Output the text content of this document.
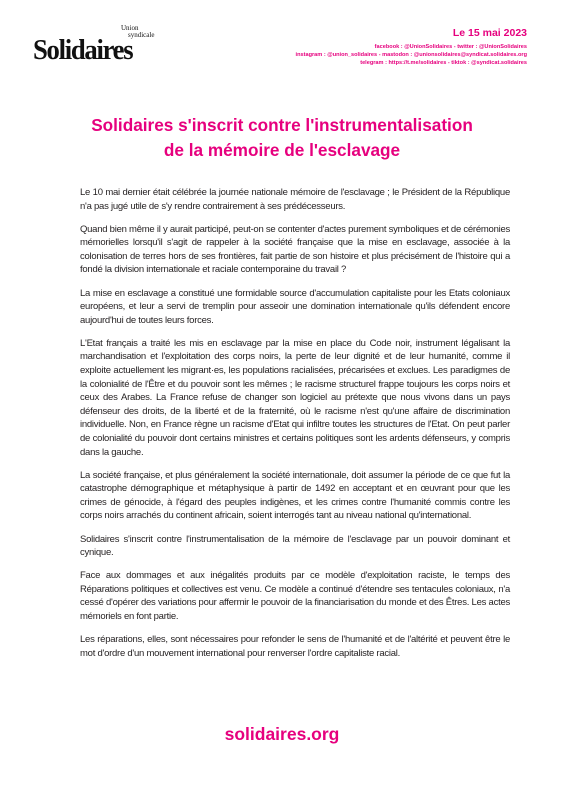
Union
syndicale
Solidaires
Le 15 mai 2023
facebook : @UnionSolidaires - twitter : @UnionSolidaires
instagram : @union_solidaires - mastodon : @unionsolidaires@syndicat.solidaires.org
telegram : https://t.me/solidaires - tiktok : @syndicat.solidaires
Solidaires s'inscrit contre l'instrumentalisation
de la mémoire de l'esclavage

Le 10 mai dernier était célébrée la journée nationale mémoire de l'esclavage ; le Président de la République n'a pas jugé utile de s'y rendre contrairement à ses prédécesseurs.

Quand bien même il y aurait participé, peut-on se contenter d'actes purement symboliques et de cérémonies mémorielles lorsqu'il s'agit de rappeler à la société française que la mise en esclavage, associée à la colonisation de terres hors de ses frontières, fait partie de son histoire et plus précisément de l'histoire qui a fondé la division internationale et raciale contemporaine du travail ?

La mise en esclavage a constitué une formidable source d'accumulation capitaliste pour les Etats coloniaux européens, et leur a servi de tremplin pour asseoir une domination internationale qu'ils défendent encore aujourd'hui de toutes leurs forces.

L'Etat français a traité les mis en esclavage par la mise en place du Code noir, instrument légalisant la marchandisation et l'exploitation des corps noirs, la perte de leur dignité et de leur humanité, comme il exploite actuellement les migrant·es, les populations racialisées, précarisées et exclues. Les paradigmes de la colonialité de l'Être et du pouvoir sont les mêmes ; le racisme structurel frappe toujours les corps noirs et ceux des Arabes. La France refuse de changer son logiciel au prétexte que nous vivons dans un pays défenseur des droits, de la liberté et de la fraternité, où le racisme n'est qu'une affaire de discrimination individuelle. Non, en France règne un racisme d'Etat qui infiltre toutes les structures de l'Etat. On peut parler de colonialité du pouvoir dont certains ministres et certains politiques sont les ardents défenseurs, y compris dans la gauche.

La société française, et plus généralement la société internationale, doit assumer la période de ce que fut la catastrophe démographique et métaphysique à partir de 1492 en acceptant et en œuvrant pour que les crimes de génocide, à l'égard des peuples indigènes, et les crimes contre l'humanité commis contre les corps noirs arrachés du continent africain, soient interrogés tant au niveau national qu'international.

Solidaires s'inscrit contre l'instrumentalisation de la mémoire de l'esclavage par un pouvoir dominant et cynique.

Face aux dommages et aux inégalités produits par ce modèle d'exploitation raciste, le temps des Réparations politiques et collectives est venu. Ce modèle a continué d'étendre ses tentacules coloniaux, n'a cessé d'opérer des variations pour affermir le pouvoir de la financiarisation du monde et des Êtres. Les actes mémoriels en font partie.

Les réparations, elles, sont nécessaires pour refonder le sens de l'humanité et de l'altérité et peuvent être le mot d'ordre d'un mouvement international pour renverser l'ordre capitaliste racial.

solidaires.org
